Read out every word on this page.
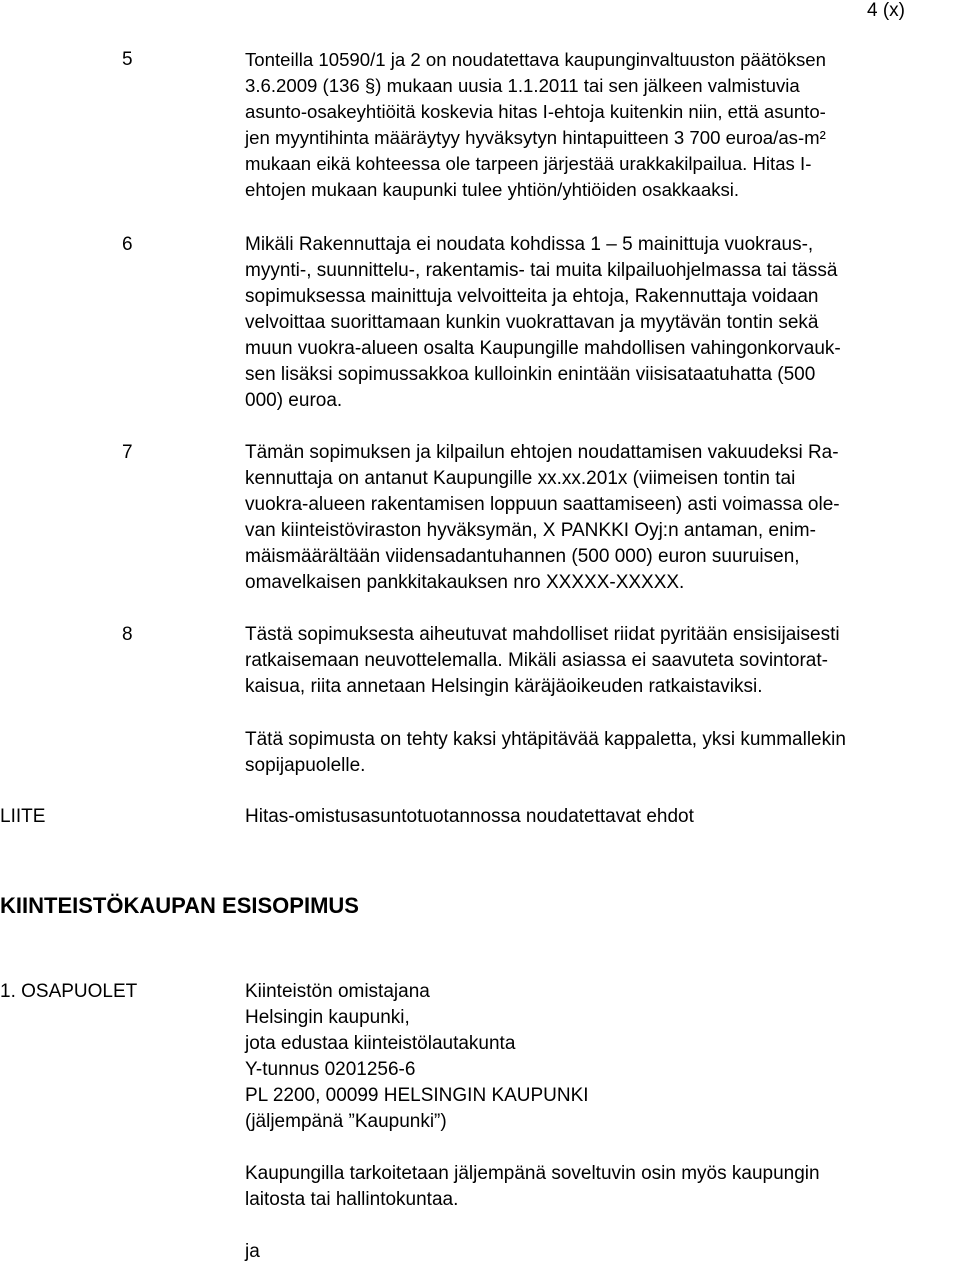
4 (x)
5	Tonteilla 10590/1 ja 2 on noudatettava kaupunginvaltuuston päätöksen
3.6.2009 (136 §) mukaan uusia 1.1.2011 tai sen jälkeen valmistuvia
asunto-osakeyhtiöitä koskevia hitas I-ehtoja kuitenkin niin, että asunto-
jen myyntihinta määräytyy hyväksytyn hintapuitteen 3 700 euroa/as-m²
mukaan eikä kohteessa ole tarpeen järjestää urakkakilpailua. Hitas I-
ehtojen mukaan kaupunki tulee yhtiön/yhtiöiden osakkaaksi.
6	Mikäli Rakennuttaja ei noudata kohdissa 1 – 5 mainittuja vuokraus-,
myynti-, suunnittelu-, rakentamis- tai muita kilpailuohjelmassa tai tässä
sopimuksessa mainittuja velvoitteita ja ehtoja, Rakennuttaja voidaan
velvoittaa suorittamaan kunkin vuokrattavan ja myytävän tontin sekä
muun vuokra-alueen osalta Kaupungille mahdollisen vahingonkorvauk-
sen lisäksi sopimussakkoa kulloinkin enintään viisisataatuhatta (500
000) euroa.
7	Tämän sopimuksen ja kilpailun ehtojen noudattamisen vakuudeksi Ra-
kennuttaja on antanut Kaupungille xx.xx.201x (viimeisen tontin tai
vuokra-alueen rakentamisen loppuun saattamiseen) asti voimassa ole-
van kiinteistöviraston hyväksymän, X PANKKI Oyj:n antaman, enim-
mäismäärältään viidensadantuhannen (500 000) euron suuruisen,
omavelkaisen pankkitakauksen nro XXXXX-XXXXX.
8	Tästä sopimuksesta aiheutuvat mahdolliset riidat pyritään ensisijaisesti
ratkaisemaan neuvottelemalla. Mikäli asiassa ei saavuteta sovintorat-
kaisua, riita annetaan Helsingin käräjäoikeuden ratkaistaviksi.
Tätä sopimusta on tehty kaksi yhtäpitävää kappaletta, yksi kummallekin
sopijapuolelle.
LIITE	Hitas-omistusasuntotuotannossa noudatettavat ehdot
KIINTEISTÖKAUPAN ESISOPIMUS
1. OSAPUOLET	Kiinteistön omistajana
Helsingin kaupunki,
jota edustaa kiinteistölautakunta
Y-tunnus 0201256-6
PL 2200, 00099 HELSINGIN KAUPUNKI
(jäljempänä ”Kaupunki”)
Kaupungilla tarkoitetaan jäljempänä soveltuvin osin myös kaupungin
laitosta tai hallintokuntaa.
ja
